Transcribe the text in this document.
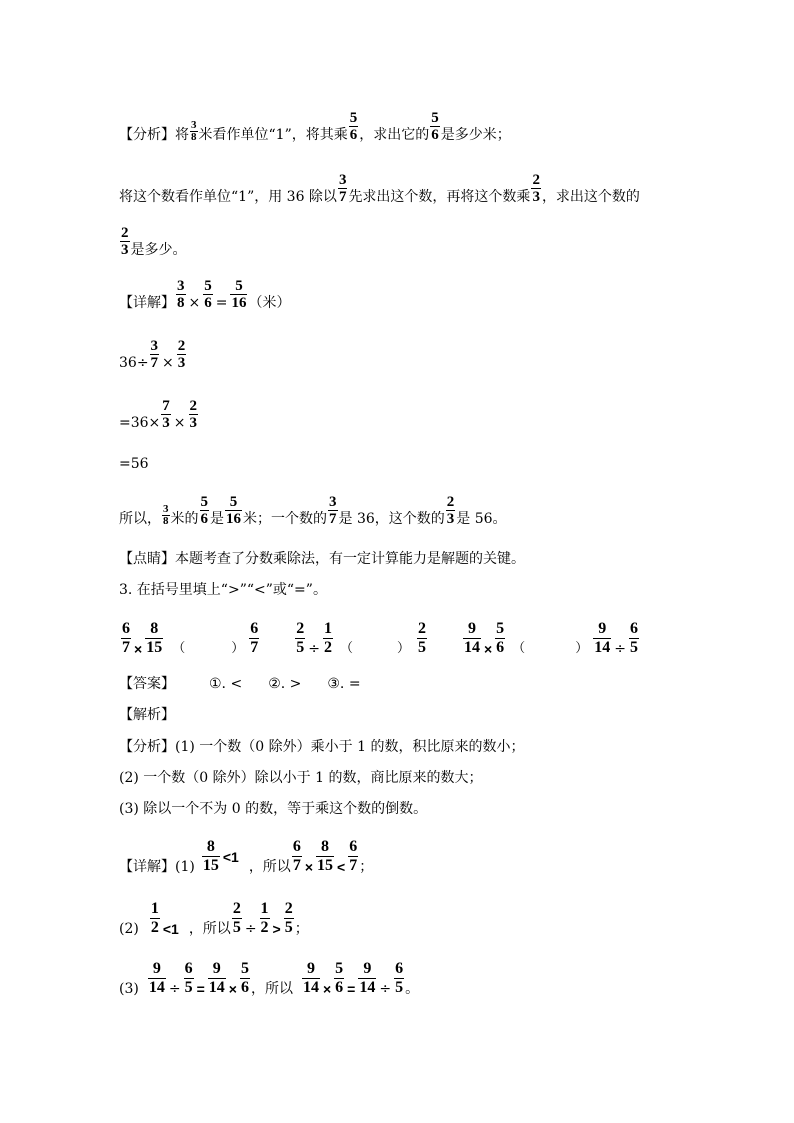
【分析】 将 $\frac{3}{8}$ 米看作单位“1”，将其乘 $\frac{5}{6}$ ，求出它的 $\frac{5}{6}$ 是多少米；
将这个数看作单位“1”，用 36 除以 $\frac{3}{7}$ 先求出这个数，再将这个数乘 $\frac{2}{3}$ ，求出这个数的
$\frac{2}{3}$ 是多少。
【详解】 $\frac{3}{8} \times \frac{5}{6} = \frac{5}{16}$ （米）
$36\div \frac{3}{7} \times \frac{2}{3}$
$=36\times \frac{7}{3} \times \frac{2}{3}$
=56
所以， $\frac{3}{8}$ 米的 $\frac{5}{6}$ 是 $\frac{5}{16}$ 米；一个数的 $\frac{3}{7}$ 是 36，这个数的 $\frac{2}{3}$ 是 56。
【点睛】 本题考查了分数乘除法，有一定计算能力是解题的关键。
3. 在括号里填上“>”“<”或“=”。
$\frac{6}{7} \times \frac{8}{15}$ （	） $\frac{6}{7} \frac{2}{5} \div \frac{1}{2}$ （	） $\frac{2}{5} \frac{9}{14} \times \frac{5}{6}$ （	） $\frac{9}{14} \div \frac{6}{5}$
【答案】 ①. < ②. > ③. =
【解析】
【分析】 (1) 一个数（0 除外）乘小于 1 的数，积比原来的数小；
(2) 一个数（0 除外）除以小于 1 的数，商比原来的数大；
(3) 除以一个不为 0 的数，等于乘这个数的倒数。
【详解】$(1) \frac{8}{15} <1$
，所以 $\frac{6}{7} \times \frac{8}{15} < \frac{6}{7}$ ；
$(2) \frac{1}{2} <1$ ，所以 $\frac{2}{5} \div \frac{1}{2} > \frac{2}{5}$ ；
$(3) \frac{9}{14} \div \frac{6}{5} = \frac{9}{14} \times \frac{5}{6}$ ，所以 $\frac{9}{14} \times \frac{5}{6} = \frac{9}{14} \div \frac{6}{5}$ 。
